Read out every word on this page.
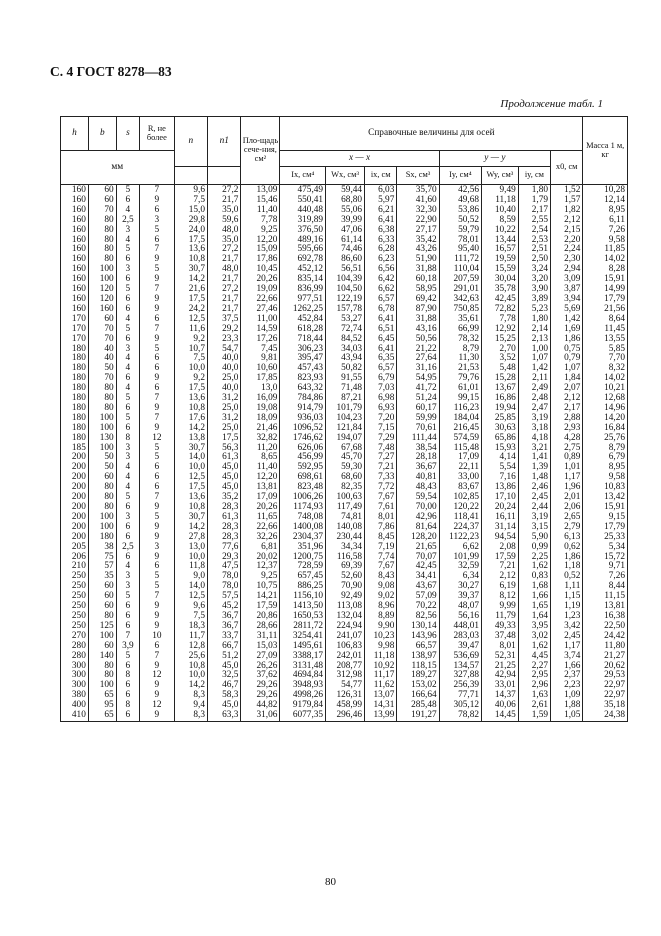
С. 4 ГОСТ 8278—83
Продолжение табл. 1
h	b	s	R, не более	n	n1	Пло-щадь сече-ния, см²	Справочные величины для осей								Масса 1 м, кг
мм							x — x				y — y			x0, см	
							Ix, см⁴	Wx, см³	ix, см	Sx, см³	Iy, см⁴	Wy, см³	iy, см		
160	60	5	7	9,6	27,2	13,09	475,49	59,44	6,03	35,70	42,56	9,49	1,80	1,52	10,28
160	60	6	9	7,5	21,7	15,46	550,41	68,80	5,97	41,60	49,68	11,18	1,79	1,57	12,14
160	70	4	6	15,0	35,0	11,40	440,48	55,06	6,21	32,30	53,86	10,40	2,17	1,82	8,95
160	80	2,5	3	29,8	59,6	7,78	319,89	39,99	6,41	22,90	50,52	8,59	2,55	2,12	6,11
160	80	3	5	24,0	48,0	9,25	376,50	47,06	6,38	27,17	59,79	10,22	2,54	2,15	7,26
160	80	4	6	17,5	35,0	12,20	489,16	61,14	6,33	35,42	78,01	13,44	2,53	2,20	9,58
160	80	5	7	13,6	27,2	15,09	595,66	74,46	6,28	43,26	95,40	16,57	2,51	2,24	11,85
160	80	6	9	10,8	21,7	17,86	692,78	86,60	6,23	51,90	111,72	19,59	2,50	2,30	14,02
160	100	3	5	30,7	48,0	10,45	452,12	56,51	6,56	31,88	110,04	15,59	3,24	2,94	8,28
160	100	6	9	14,2	21,7	20,26	835,14	104,39	6,42	60,18	207,59	30,04	3,20	3,09	15,91
160	120	5	7	21,6	27,2	19,09	836,99	104,50	6,62	58,95	291,01	35,78	3,90	3,87	14,99
160	120	6	9	17,5	21,7	22,66	977,51	122,19	6,57	69,42	342,63	42,45	3,89	3,94	17,79
160	160	6	9	24,2	21,7	27,46	1262,25	157,78	6,78	87,90	750,85	72,82	5,23	5,69	21,56
170	60	4	6	12,5	37,5	11,00	452,84	53,27	6,41	31,88	35,61	7,78	1,80	1,42	8,64
170	70	5	7	11,6	29,2	14,59	618,28	72,74	6,51	43,16	66,99	12,92	2,14	1,69	11,45
170	70	6	9	9,2	23,3	17,26	718,44	84,52	6,45	50,56	78,32	15,25	2,13	1,86	13,55
180	40	3	5	10,7	54,7	7,45	306,23	34,03	6,41	21,22	8,79	2,70	1,00	0,75	5,85
180	40	4	6	7,5	40,0	9,81	395,47	43,94	6,35	27,64	11,30	3,52	1,07	0,79	7,70
180	50	4	6	10,0	40,0	10,60	457,43	50,82	6,57	31,16	21,53	5,48	1,42	1,07	8,32
180	70	6	9	9,2	25,0	17,85	823,93	91,55	6,79	54,95	79,76	15,28	2,11	1,84	14,02
180	80	4	6	17,5	40,0	13,0	643,32	71,48	7,03	41,72	61,01	13,67	2,49	2,07	10,21
180	80	5	7	13,6	31,2	16,09	784,86	87,21	6,98	51,24	99,15	16,86	2,48	2,12	12,68
180	80	6	9	10,8	25,0	19,08	914,79	101,79	6,93	60,17	116,23	19,94	2,47	2,17	14,96
180	100	5	7	17,6	31,2	18,09	936,03	104,23	7,20	59,99	184,04	25,85	3,19	2,88	14,20
180	100	6	9	14,2	25,0	21,46	1096,52	121,84	7,15	70,61	216,45	30,63	3,18	2,93	16,84
180	130	8	12	13,8	17,5	32,82	1746,62	194,07	7,29	111,44	574,59	65,86	4,18	4,28	25,76
185	100	3	5	30,7	56,3	11,20	626,06	67,68	7,48	38,54	115,48	15,93	3,21	2,75	8,79
200	50	3	5	14,0	61,3	8,65	456,99	45,70	7,27	28,18	17,09	4,14	1,41	0,89	6,79
200	50	4	6	10,0	45,0	11,40	592,95	59,30	7,21	36,67	22,11	5,54	1,39	1,01	8,95
200	60	4	6	12,5	45,0	12,20	698,61	68,60	7,33	40,81	33,00	7,16	1,48	1,17	9,58
200	80	4	6	17,5	45,0	13,81	823,48	82,35	7,72	48,43	83,67	13,86	2,46	1,96	10,83
200	80	5	7	13,6	35,2	17,09	1006,26	100,63	7,67	59,54	102,85	17,10	2,45	2,01	13,42
200	80	6	9	10,8	28,3	20,26	1174,93	117,49	7,61	70,00	120,22	20,24	2,44	2,06	15,91
200	100	3	5	30,7	61,3	11,65	748,08	74,81	8,01	42,96	118,41	16,11	3,19	2,65	9,15
200	100	6	9	14,2	28,3	22,66	1400,08	140,08	7,86	81,64	224,37	31,14	3,15	2,79	17,79
200	180	6	9	27,8	28,3	32,26	2304,37	230,44	8,45	128,20	1122,23	94,54	5,90	6,13	25,33
205	38	2,5	3	13,0	77,6	6,81	351,96	34,34	7,19	21,65	6,62	2,08	0,99	0,62	5,34
206	75	6	9	10,0	29,3	20,02	1200,75	116,58	7,74	70,07	101,99	17,59	2,25	1,86	15,72
210	57	4	6	11,8	47,5	12,37	728,59	69,39	7,67	42,45	32,59	7,21	1,62	1,18	9,71
250	35	3	5	9,0	78,0	9,25	657,45	52,60	8,43	34,41	6,34	2,12	0,83	0,52	7,26
250	60	3	5	14,0	78,0	10,75	886,25	70,90	9,08	43,67	30,27	6,19	1,68	1,11	8,44
250	60	5	7	12,5	57,5	14,21	1156,10	92,49	9,02	57,09	39,37	8,12	1,66	1,15	11,15
250	60	6	9	9,6	45,2	17,59	1413,50	113,08	8,96	70,22	48,07	9,99	1,65	1,19	13,81
250	80	6	9	7,5	36,7	20,86	1650,53	132,04	8,89	82,56	56,16	11,79	1,64	1,23	16,38
250	125	6	9	18,3	36,7	28,66	2811,72	224,94	9,90	130,14	448,01	49,33	3,95	3,42	22,50
270	100	7	10	11,7	33,7	31,11	3254,41	241,07	10,23	143,96	283,03	37,48	3,02	2,45	24,42
280	60	3,9	6	12,8	66,7	15,03	1495,61	106,83	9,98	66,57	39,47	8,01	1,62	1,17	11,80
280	140	5	7	25,6	51,2	27,09	3388,17	242,01	11,18	138,97	536,69	52,31	4,45	3,74	21,27
300	80	6	9	10,8	45,0	26,26	3131,48	208,77	10,92	118,15	134,57	21,25	2,27	1,66	20,62
300	80	8	12	10,0	32,5	37,62	4694,84	312,98	11,17	189,27	327,88	42,94	2,95	2,37	29,53
300	100	6	9	14,2	46,7	29,26	3948,93	54,77	11,62	153,02	256,39	33,01	2,96	2,23	22,97
380	65	6	9	8,3	58,3	29,26	4998,26	126,31	13,07	166,64	77,71	14,37	1,63	1,09	22,97
400	95	8	12	9,4	45,0	44,82	9179,84	458,99	14,31	285,48	305,12	40,06	2,61	1,88	35,18
410	65	6	9	8,3	63,3	31,06	6077,35	296,46	13,99	191,27	78,82	14,45	1,59	1,05	24,38
80
